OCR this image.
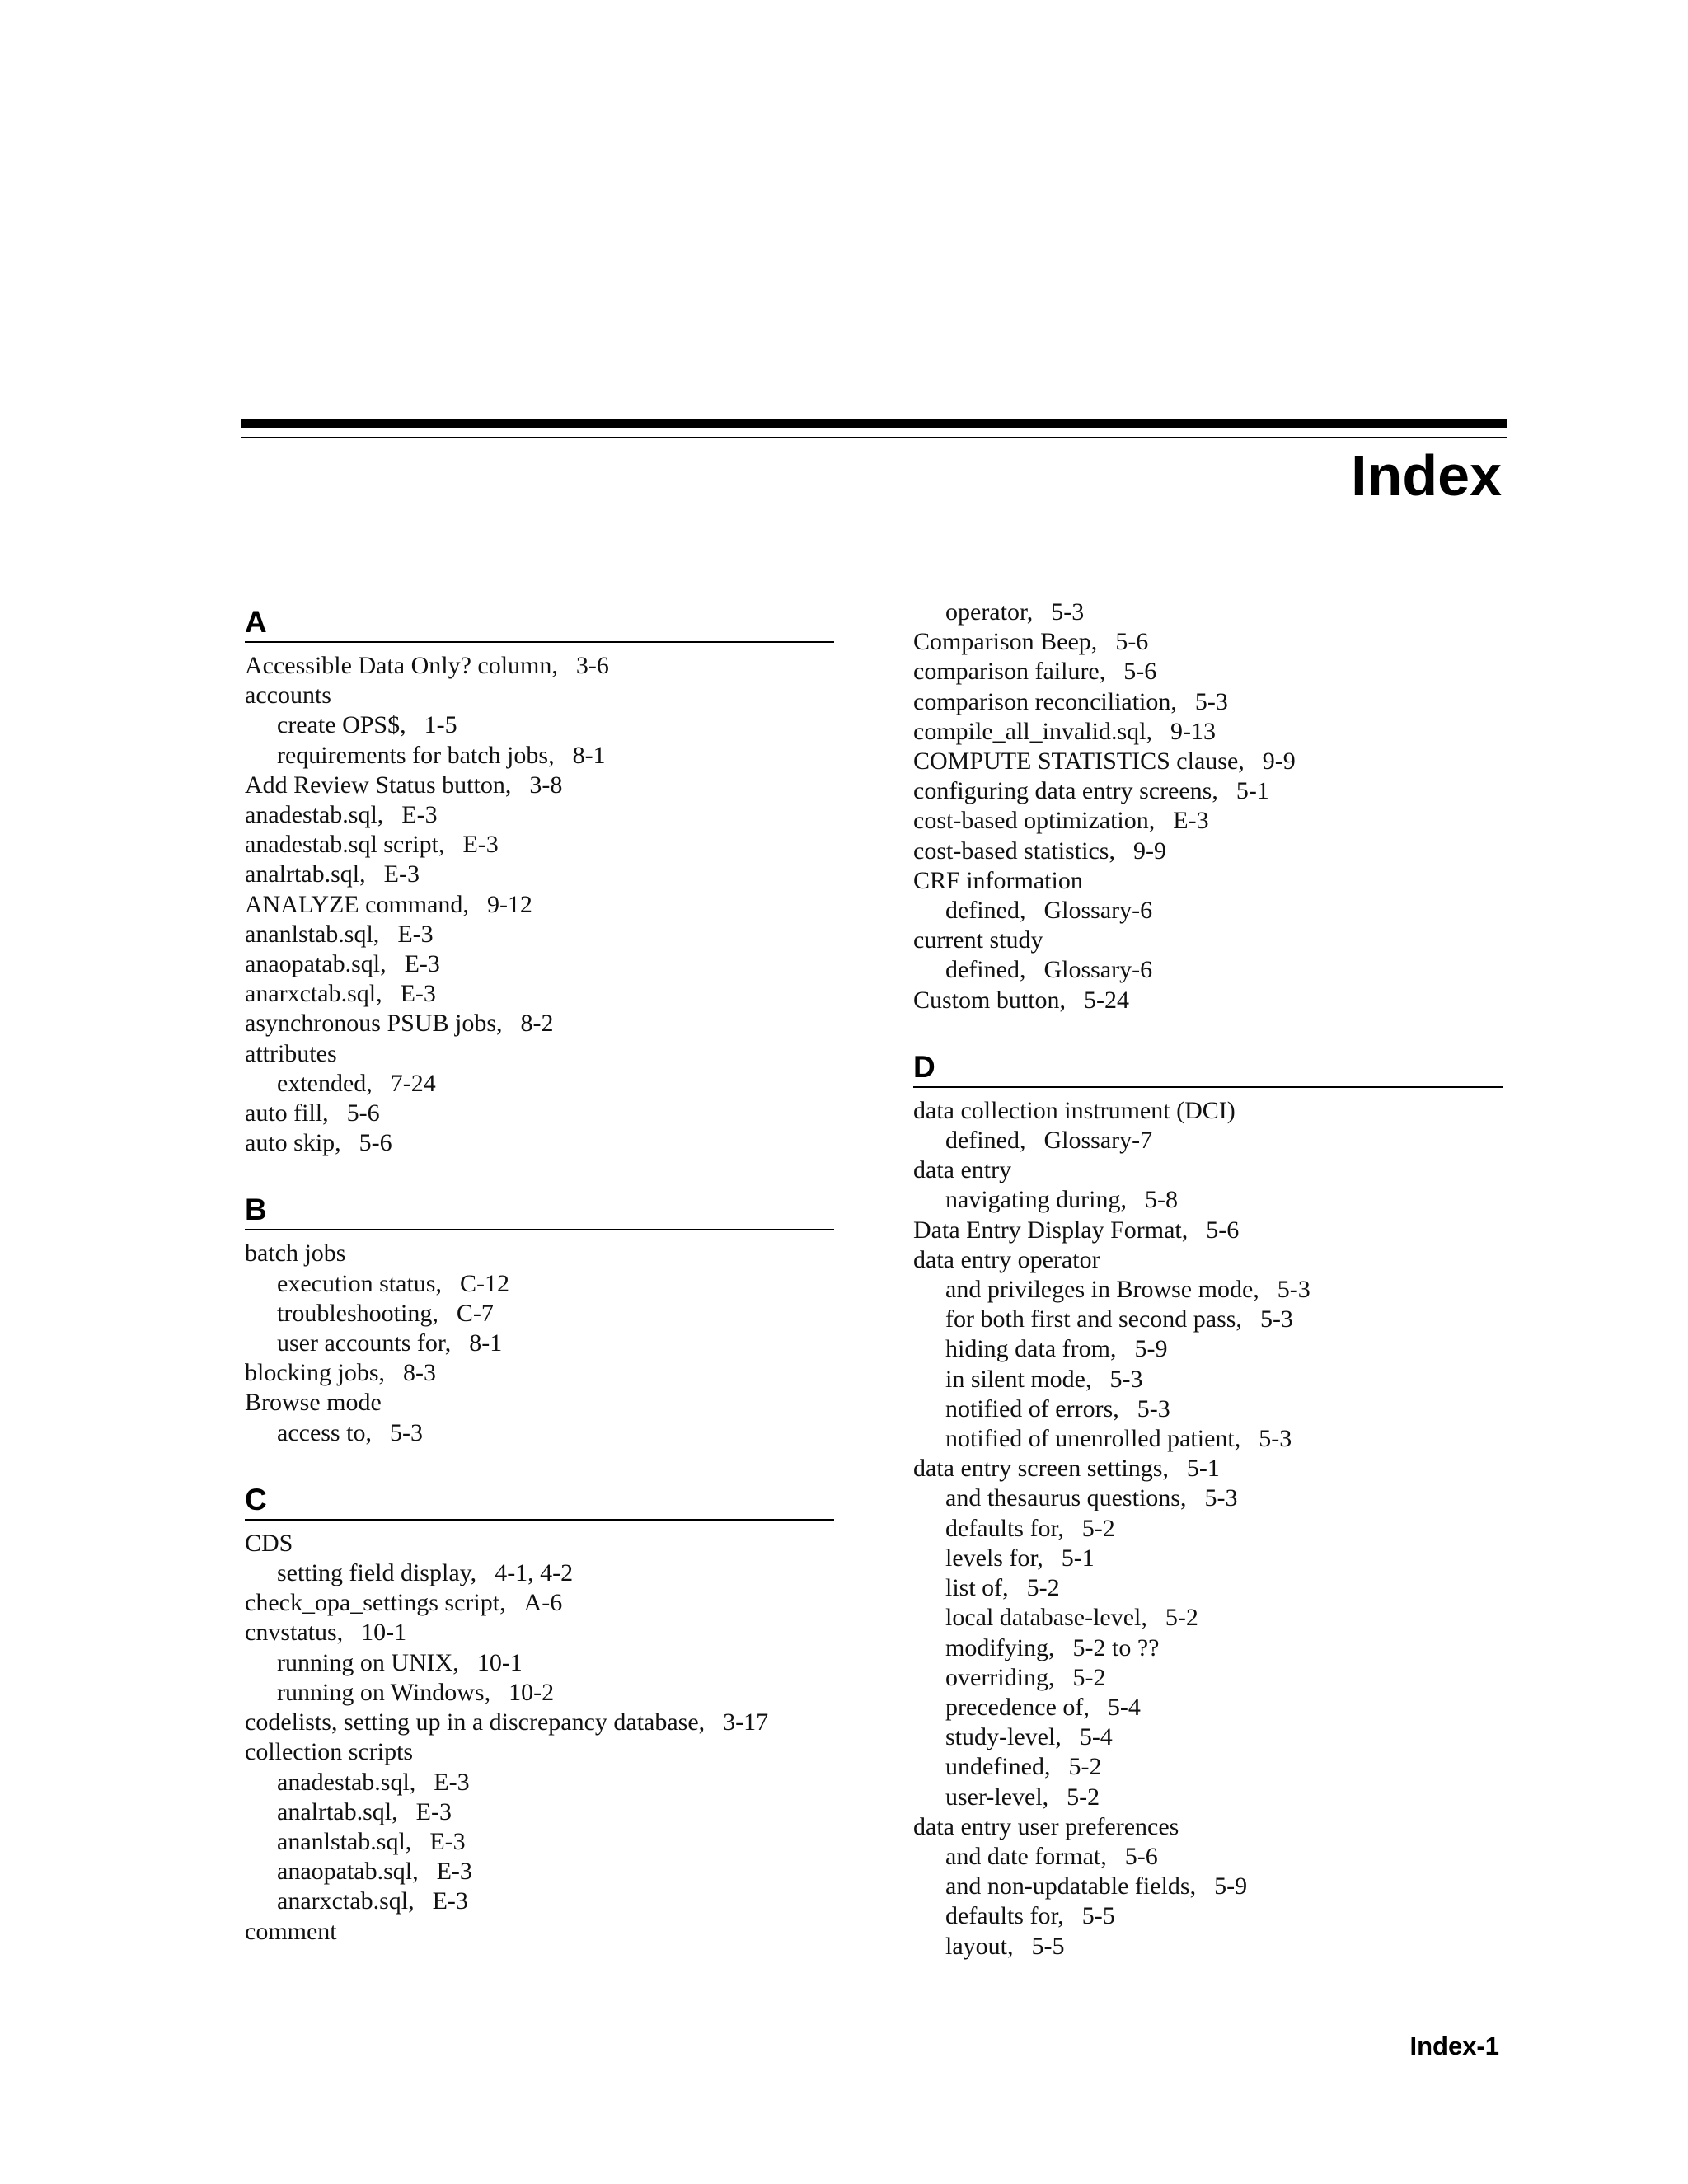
Index
A
Accessible Data Only? column, 3-6
accounts
create OPS$, 1-5
requirements for batch jobs, 8-1
Add Review Status button, 3-8
anadestab.sql, E-3
anadestab.sql script, E-3
analrtab.sql, E-3
ANALYZE command, 9-12
ananlstab.sql, E-3
anaopatab.sql, E-3
anarxctab.sql, E-3
asynchronous PSUB jobs, 8-2
attributes
extended, 7-24
auto fill, 5-6
auto skip, 5-6
B
batch jobs
execution status, C-12
troubleshooting, C-7
user accounts for, 8-1
blocking jobs, 8-3
Browse mode
access to, 5-3
C
CDS
setting field display, 4-1, 4-2
check_opa_settings script, A-6
cnvstatus, 10-1
running on UNIX, 10-1
running on Windows, 10-2
codelists, setting up in a discrepancy database, 3-17
collection scripts
anadestab.sql, E-3
analrtab.sql, E-3
ananlstab.sql, E-3
anaopatab.sql, E-3
anarxctab.sql, E-3
comment
operator, 5-3
Comparison Beep, 5-6
comparison failure, 5-6
comparison reconciliation, 5-3
compile_all_invalid.sql, 9-13
COMPUTE STATISTICS clause, 9-9
configuring data entry screens, 5-1
cost-based optimization, E-3
cost-based statistics, 9-9
CRF information
defined, Glossary-6
current study
defined, Glossary-6
Custom button, 5-24
D
data collection instrument (DCI)
defined, Glossary-7
data entry
navigating during, 5-8
Data Entry Display Format, 5-6
data entry operator
and privileges in Browse mode, 5-3
for both first and second pass, 5-3
hiding data from, 5-9
in silent mode, 5-3
notified of errors, 5-3
notified of unenrolled patient, 5-3
data entry screen settings, 5-1
and thesaurus questions, 5-3
defaults for, 5-2
levels for, 5-1
list of, 5-2
local database-level, 5-2
modifying, 5-2 to ??
overriding, 5-2
precedence of, 5-4
study-level, 5-4
undefined, 5-2
user-level, 5-2
data entry user preferences
and date format, 5-6
and non-updatable fields, 5-9
defaults for, 5-5
layout, 5-5
Index-1
